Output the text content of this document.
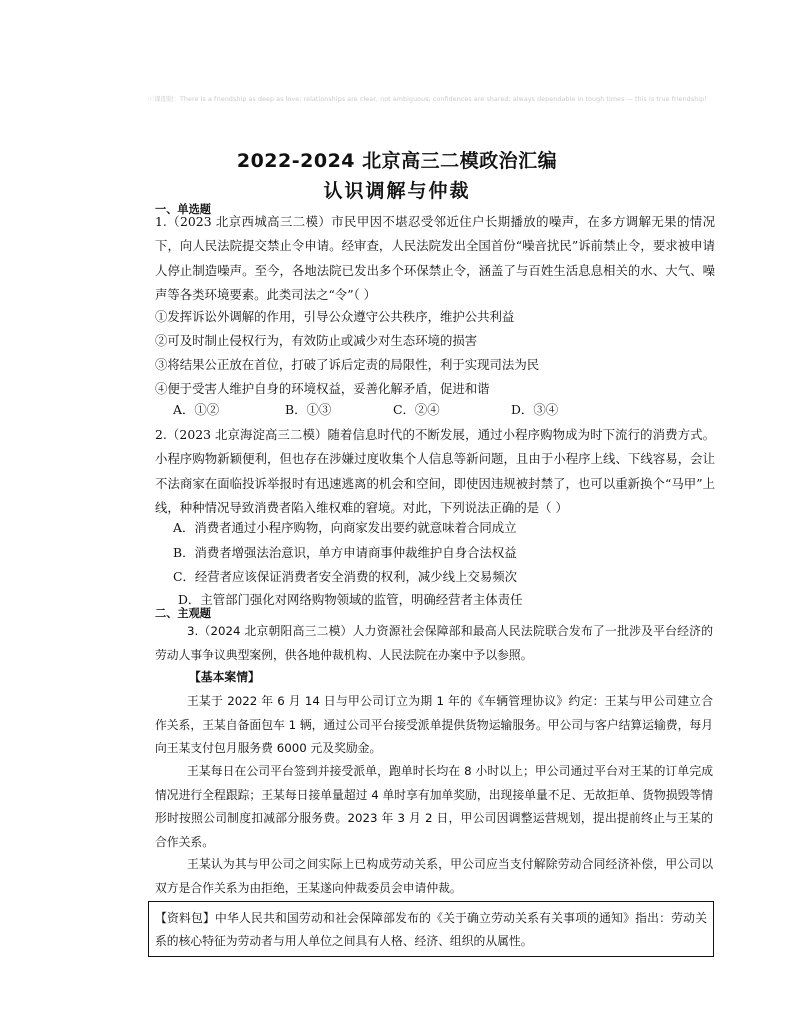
ⓒ课即附：There is a friendship as deep as love; relationships are clear, not ambiguous; confidences are shared; always dependable in tough times — this is true friendship!
2022-2024 北京高三二模政治汇编
认识调解与仲裁
一、单选题
1.（2023 北京西城高三二模）市民甲因不堪忍受邻近住户长期播放的噪声，在多方调解无果的情况下，向人民法院提交禁止令申请。经审查，人民法院发出全国首份“噪音扰民”诉前禁止令，要求被申请人停止制造噪声。至今，各地法院已发出多个环保禁止令，涵盖了与百姓生活息息相关的水、大气、噪声等各类环境要素。此类司法之“令”（ ）
①发挥诉讼外调解的作用，引导公众遵守公共秩序，维护公共利益
②可及时制止侵权行为，有效防止或减少对生态环境的损害
③将结果公正放在首位，打破了诉后定责的局限性，利于实现司法为民
④便于受害人维护自身的环境权益，妥善化解矛盾，促进和谐
A．①②	B．①③	C．②④	D．③④
2.（2023 北京海淀高三二模）随着信息时代的不断发展，通过小程序购物成为时下流行的消费方式。小程序购物新颖便利，但也存在涉嫌过度收集个人信息等新问题，且由于小程序上线、下线容易，会让不法商家在面临投诉举报时有迅速逃离的机会和空间，即使因违规被封禁了，也可以重新换个“马甲”上线，种种情况导致消费者陷入维权难的窘境。对此，下列说法正确的是（ ）
A．消费者通过小程序购物，向商家发出要约就意味着合同成立
B．消费者增强法治意识，单方申请商事仲裁维护自身合法权益
C．经营者应该保证消费者安全消费的权利，减少线上交易频次
D．主管部门强化对网络购物领域的监管，明确经营者主体责任
二、主观题
3.（2024 北京朝阳高三二模）人力资源社会保障部和最高人民法院联合发布了一批涉及平台经济的劳动人事争议典型案例，供各地仲裁机构、人民法院在办案中予以参照。
【基本案情】
王某于 2022 年 6 月 14 日与甲公司订立为期 1 年的《车辆管理协议》约定：王某与甲公司建立合作关系，王某自备面包车 1 辆，通过公司平台接受派单提供货物运输服务。甲公司与客户结算运输费，每月向王某支付包月服务费 6000 元及奖励金。
王某每日在公司平台签到并接受派单，跑单时长均在 8 小时以上；甲公司通过平台对王某的订单完成情况进行全程跟踪；王某每日接单量超过 4 单时享有加单奖励，出现接单量不足、无故拒单、货物损毁等情形时按照公司制度扣减部分服务费。2023 年 3 月 2 日，甲公司因调整运营规划，提出提前终止与王某的合作关系。
王某认为其与甲公司之间实际上已构成劳动关系，甲公司应当支付解除劳动合同经济补偿，甲公司以双方是合作关系为由拒绝，王某遂向仲裁委员会申请仲裁。
【资料包】中华人民共和国劳动和社会保障部发布的《关于确立劳动关系有关事项的通知》指出：劳动关系的核心特征为劳动者与用人单位之间具有人格、经济、组织的从属性。
